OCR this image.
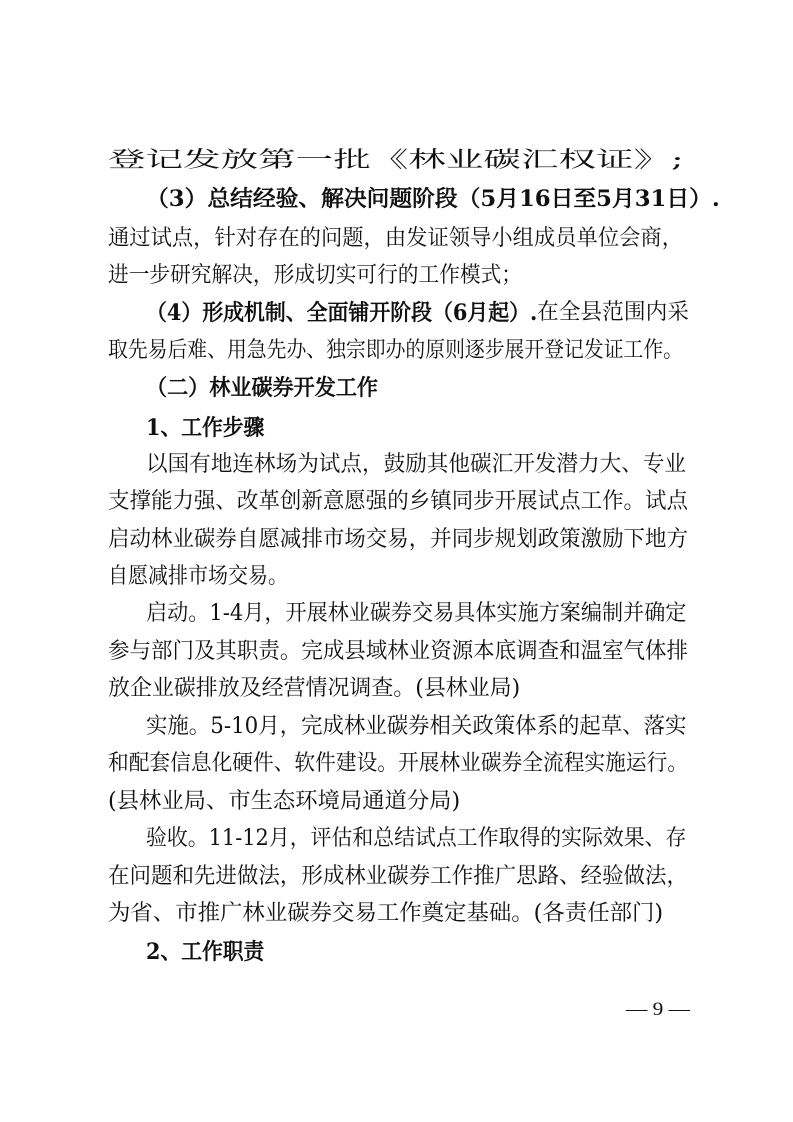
登记发放第一批《林业碳汇权证》;
（3）总结经验、解决问题阶段（5月16日至5月31日）.
通过试点，针对存在的问题，由发证领导小组成员单位会商，
进一步研究解决，形成切实可行的工作模式；
（4）形成机制、全面铺开阶段（6月起）. 在全县范围内采
取先易后难、用急先办、独宗即办的原则逐步展开登记发证工作。
（二）林业碳券开发工作
1、工作步骤
以国有地连林场为试点，鼓励其他碳汇开发潜力大、专业
支撑能力强、改革创新意愿强的乡镇同步开展试点工作。试点
启动林业碳券自愿减排市场交易，并同步规划政策激励下地方
自愿减排市场交易。
启动。1-4月，开展林业碳券交易具体实施方案编制并确定
参与部门及其职责。完成县域林业资源本底调查和温室气体排
放企业碳排放及经营情况调查。(县林业局)
实施。5-10月，完成林业碳券相关政策体系的起草、落实
和配套信息化硬件、软件建设。开展林业碳券全流程实施运行。
(县林业局、市生态环境局通道分局)
验收。11-12月，评估和总结试点工作取得的实际效果、存
在问题和先进做法，形成林业碳券工作推广思路、经验做法，
为省、市推广林业碳券交易工作奠定基础。(各责任部门)
2、工作职责
— 9 —
